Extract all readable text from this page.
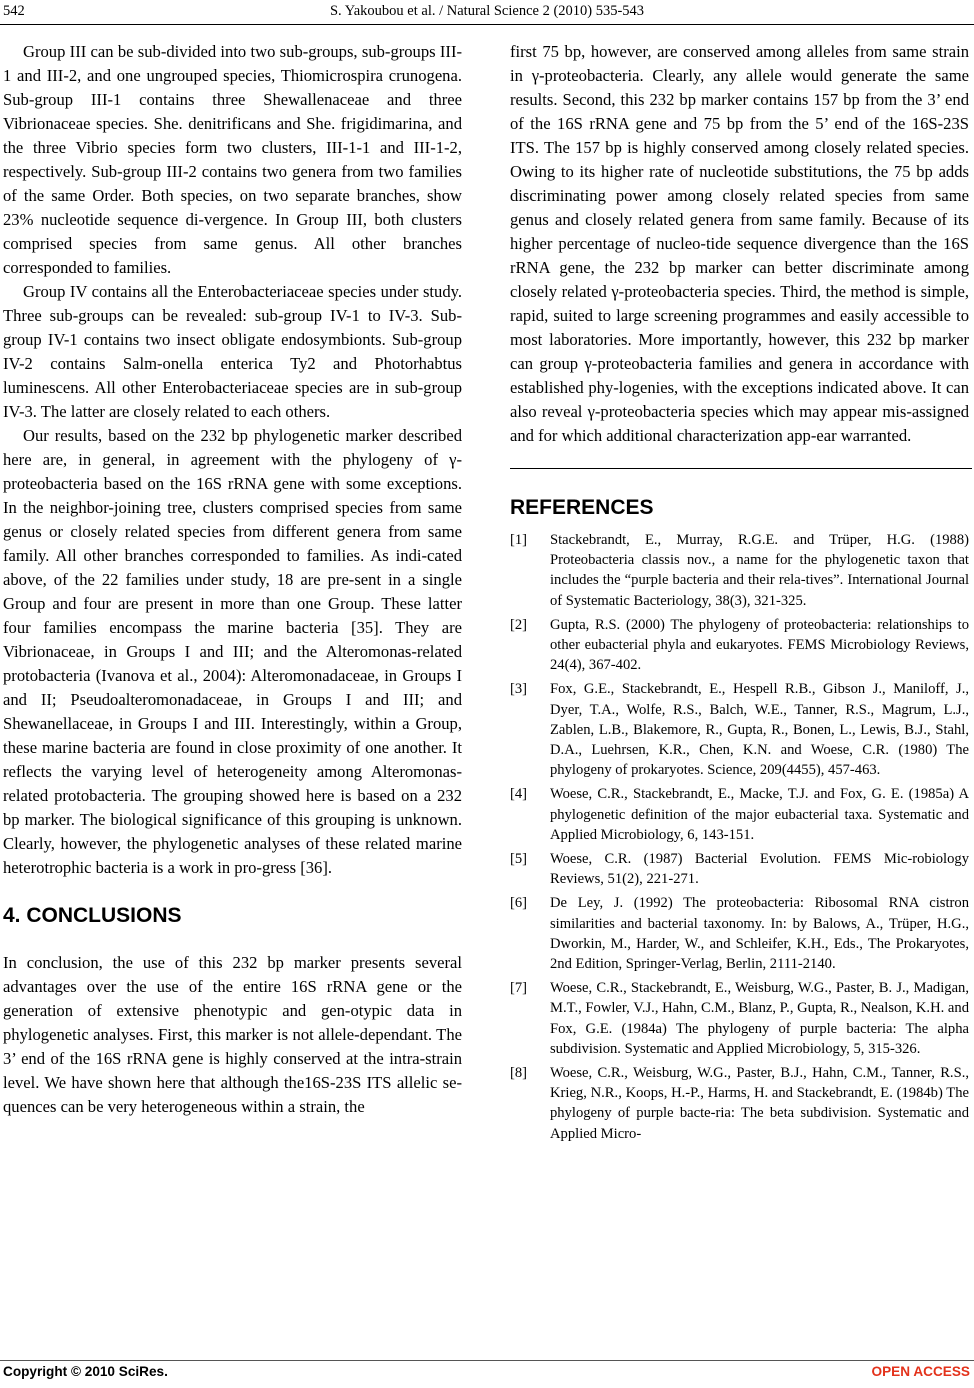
542	S. Yakoubou et al. / Natural Science 2 (2010) 535-543

Group III can be sub-divided into two sub-groups, sub-groups III-1 and III-2, and one ungrouped species, Thiomicrospira crunogena. Sub-group III-1 contains three Shewallenaceae and three Vibrionaceae species. She. denitrificans and She. frigidimarina, and the three Vibrio species form two clusters, III-1-1 and III-1-2, respectively. Sub-group III-2 contains two genera from two families of the same Order. Both species, on two separate branches, show 23% nucleotide sequence di-vergence. In Group III, both clusters comprised species from same genus. All other branches corresponded to families.

Group IV contains all the Enterobacteriaceae species under study. Three sub-groups can be revealed: sub-group IV-1 to IV-3. Sub-group IV-1 contains two insect obligate endosymbionts. Sub-group IV-2 contains Salm-onella enterica Ty2 and Photorhabtus luminescens. All other Enterobacteriaceae species are in sub-group IV-3. The latter are closely related to each others.

Our results, based on the 232 bp phylogenetic marker described here are, in general, in agreement with the phylogeny of γ-proteobacteria based on the 16S rRNA gene with some exceptions. In the neighbor-joining tree, clusters comprised species from same genus or closely related species from different genera from same family. All other branches corresponded to families. As indi-cated above, of the 22 families under study, 18 are pre-sent in a single Group and four are present in more than one Group. These latter four families encompass the marine bacteria [35]. They are Vibrionaceae, in Groups I and III; and the Alteromonas-related protobacteria (Ivanova et al., 2004): Alteromonadaceae, in Groups I and II; Pseudoalteromonadaceae, in Groups I and III; and Shewanellaceae, in Groups I and III. Interestingly, within a Group, these marine bacteria are found in close proximity of one another. It reflects the varying level of heterogeneity among Alteromonas-related protobacteria. The grouping showed here is based on a 232 bp marker. The biological significance of this grouping is unknown. Clearly, however, the phylogenetic analyses of these related marine heterotrophic bacteria is a work in pro-gress [36].

4. CONCLUSIONS

In conclusion, the use of this 232 bp marker presents several advantages over the use of the entire 16S rRNA gene or the generation of extensive phenotypic and gen-otypic data in phylogenetic analyses. First, this marker is not allele-dependant. The 3’ end of the 16S rRNA gene is highly conserved at the intra-strain level. We have shown here that although the16S-23S ITS allelic se-quences can be very heterogeneous within a strain, the

first 75 bp, however, are conserved among alleles from same strain in γ-proteobacteria. Clearly, any allele would generate the same results. Second, this 232 bp marker contains 157 bp from the 3’ end of the 16S rRNA gene and 75 bp from the 5’ end of the 16S-23S ITS. The 157 bp is highly conserved among closely related species. Owing to its higher rate of nucleotide substitutions, the 75 bp adds discriminating power among closely related species from same genus and closely related genera from same family. Because of its higher percentage of nucleo-tide sequence divergence than the 16S rRNA gene, the 232 bp marker can better discriminate among closely related γ-proteobacteria species. Third, the method is simple, rapid, suited to large screening programmes and easily accessible to most laboratories. More importantly, however, this 232 bp marker can group γ-proteobacteria families and genera in accordance with established phy-logenies, with the exceptions indicated above. It can also reveal γ-proteobacteria species which may appear mis-assigned and for which additional characterization app-ear warranted.

REFERENCES
[1] Stackebrandt, E., Murray, R.G.E. and Trüper, H.G. (1988) Proteobacteria classis nov., a name for the phylogenetic taxon that includes the “purple bacteria and their rela-tives”. International Journal of Systematic Bacteriology, 38(3), 321-325.
[2] Gupta, R.S. (2000) The phylogeny of proteobacteria: relationships to other eubacterial phyla and eukaryotes. FEMS Microbiology Reviews, 24(4), 367-402.
[3] Fox, G.E., Stackebrandt, E., Hespell R.B., Gibson J., Maniloff, J., Dyer, T.A., Wolfe, R.S., Balch, W.E., Tanner, R.S., Magrum, L.J., Zablen, L.B., Blakemore, R., Gupta, R., Bonen, L., Lewis, B.J., Stahl, D.A., Luehrsen, K.R., Chen, K.N. and Woese, C.R. (1980) The phylogeny of prokaryotes. Science, 209(4455), 457-463.
[4] Woese, C.R., Stackebrandt, E., Macke, T.J. and Fox, G. E. (1985a) A phylogenetic definition of the major eubacterial taxa. Systematic and Applied Microbiology, 6, 143-151.
[5] Woese, C.R. (1987) Bacterial Evolution. FEMS Mic-robiology Reviews, 51(2), 221-271.
[6] De Ley, J. (1992) The proteobacteria: Ribosomal RNA cistron similarities and bacterial taxonomy. In: by Balows, A., Trüper, H.G., Dworkin, M., Harder, W., and Schleifer, K.H., Eds., The Prokaryotes, 2nd Edition, Springer-Verlag, Berlin, 2111-2140.
[7] Woese, C.R., Stackebrandt, E., Weisburg, W.G., Paster, B. J., Madigan, M.T., Fowler, V.J., Hahn, C.M., Blanz, P., Gupta, R., Nealson, K.H. and Fox, G.E. (1984a) The phylogeny of purple bacteria: The alpha subdivision. Systematic and Applied Microbiology, 5, 315-326.
[8] Woese, C.R., Weisburg, W.G., Paster, B.J., Hahn, C.M., Tanner, R.S., Krieg, N.R., Koops, H.-P., Harms, H. and Stackebrandt, E. (1984b) The phylogeny of purple bacte-ria: The beta subdivision. Systematic and Applied Micro-
Copyright © 2010 SciRes.	OPEN ACCESS
